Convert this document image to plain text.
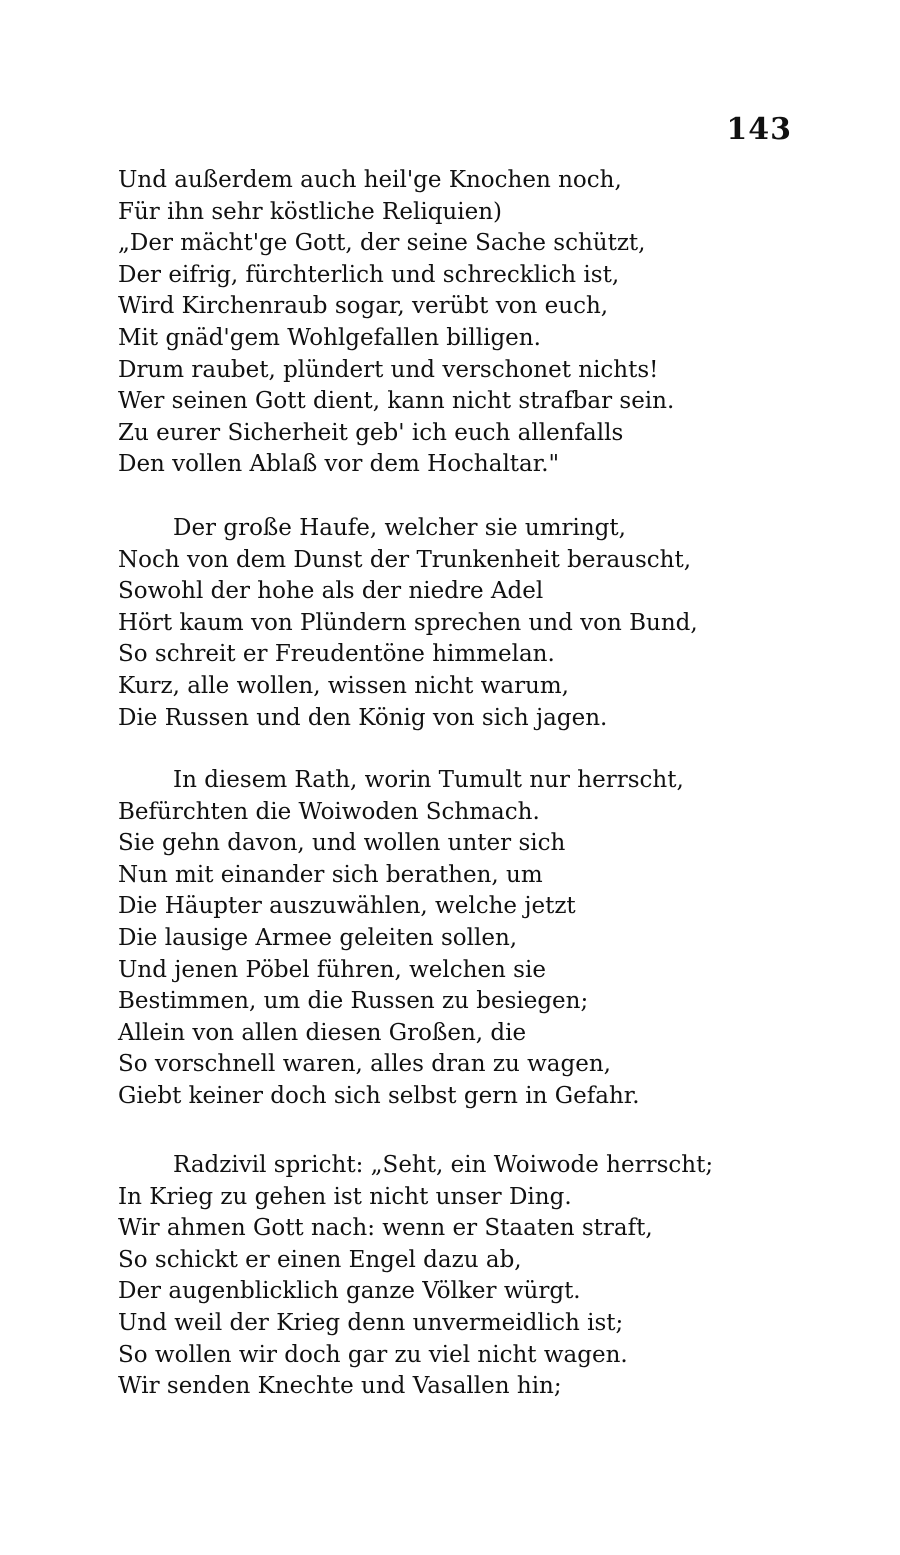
143
Und außerdem auch heil'ge Knochen noch,
Für ihn sehr köstliche Reliquien)
„Der mächt'ge Gott, der seine Sache schützt,
Der eifrig, fürchterlich und schrecklich ist,
Wird Kirchenraub sogar, verübt von euch,
Mit gnäd'gem Wohlgefallen billigen.
Drum raubet, plündert und verschonet nichts!
Wer seinen Gott dient, kann nicht strafbar sein.
Zu eurer Sicherheit geb' ich euch allenfalls
Den vollen Ablaß vor dem Hochaltar."
Der große Haufe, welcher sie umringt,
Noch von dem Dunst der Trunkenheit berauscht,
Sowohl der hohe als der niedre Adel
Hört kaum von Plündern sprechen und von Bund,
So schreit er Freudentöne himmelan.
Kurz, alle wollen, wissen nicht warum,
Die Russen und den König von sich jagen.
In diesem Rath, worin Tumult nur herrscht,
Befürchten die Woiwoden Schmach.
Sie gehn davon, und wollen unter sich
Nun mit einander sich berathen, um
Die Häupter auszuwählen, welche jetzt
Die lausige Armee geleiten sollen,
Und jenen Pöbel führen, welchen sie
Bestimmen, um die Russen zu besiegen;
Allein von allen diesen Großen, die
So vorschnell waren, alles dran zu wagen,
Giebt keiner doch sich selbst gern in Gefahr.
Radzivil spricht: „Seht, ein Woiwode herrscht;
In Krieg zu gehen ist nicht unser Ding.
Wir ahmen Gott nach: wenn er Staaten straft,
So schickt er einen Engel dazu ab,
Der augenblicklich ganze Völker würgt.
Und weil der Krieg denn unvermeidlich ist;
So wollen wir doch gar zu viel nicht wagen.
Wir senden Knechte und Vasallen hin;
